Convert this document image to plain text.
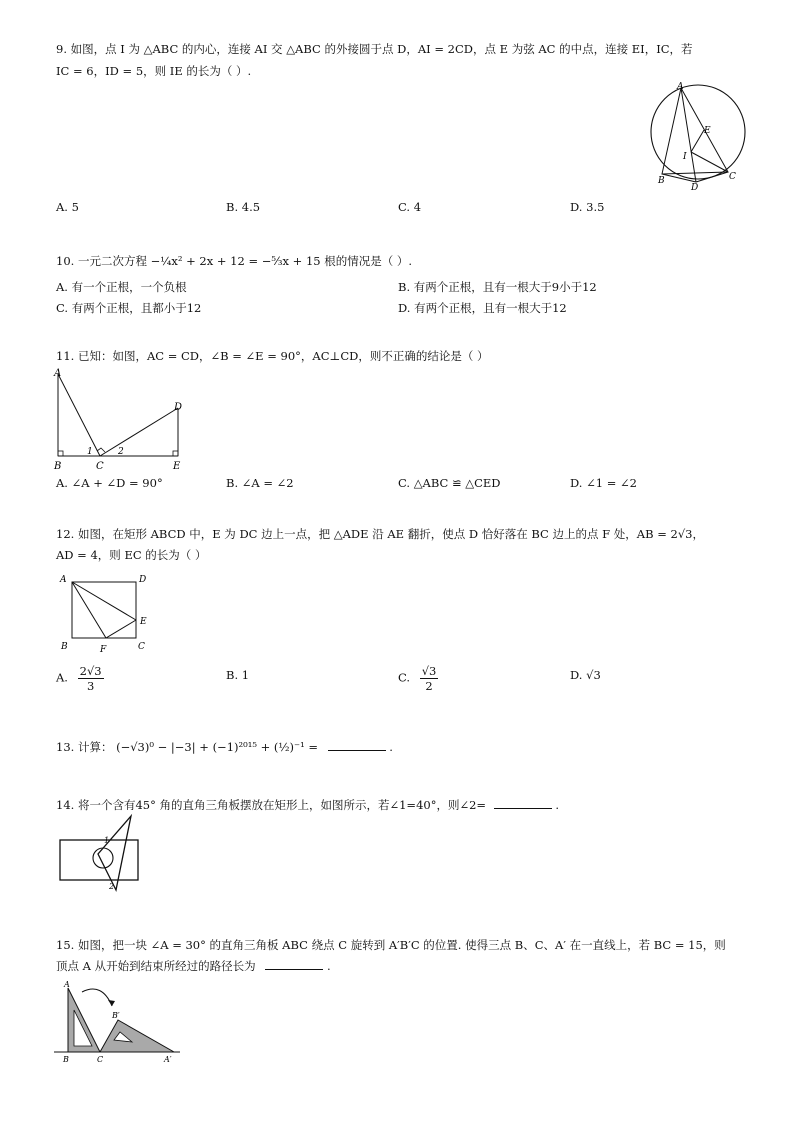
9. 如图，点 I 为 △ABC 的内心，连接 AI 交 △ABC 的外接圆于点 D，AI = 2CD，点 E 为弦 AC 的中点，连接 EI，IC，若
IC = 6，ID = 5，则 IE 的长为（ ）.
A
E
I
B
D
C
A. 5	B. 4.5	C. 4	D. 3.5
10. 一元二次方程 −¼x² + 2x + 12 = −⁵⁄₃x + 15 根的情况是（ ）.
A. 有一个正根，一个负根	B. 有两个正根，且有一根大于9小于12
C. 有两个正根，且都小于12	D. 有两个正根，且有一根大于12
11. 已知：如图，AC = CD，∠B = ∠E = 90°，AC⊥CD，则不正确的结论是（ ）
A
D
1	2
B	C	E
A. ∠A + ∠D = 90°	B. ∠A = ∠2	C. △ABC ≌ △CED	D. ∠1 = ∠2
12. 如图，在矩形 ABCD 中，E 为 DC 边上一点，把 △ADE 沿 AE 翻折，使点 D 恰好落在 BC 边上的点 F 处，AB = 2√3，
AD = 4，则 EC 的长为（ ）
A	D
E
B	F	C
A. $\frac{2√3}{3}$	B. 1	C. $\frac{√3}{2}$	D. √3
13. 计算： (−√3)⁰ − |−3| + (−1)²⁰¹⁵ + (½)⁻¹ =	.
14. 将一个含有45° 角的直角三角板摆放在矩形上，如图所示，若∠1=40°，则∠2=	.
1
2
15. 如图，把一块 ∠A = 30° 的直角三角板 ABC 绕点 C 旋转到 A′B′C 的位置. 使得三点 B、C、A′ 在一直线上，若 BC = 15，则
顶点 A 从开始到结束所经过的路径长为	.
A
B′
B	C	A′
